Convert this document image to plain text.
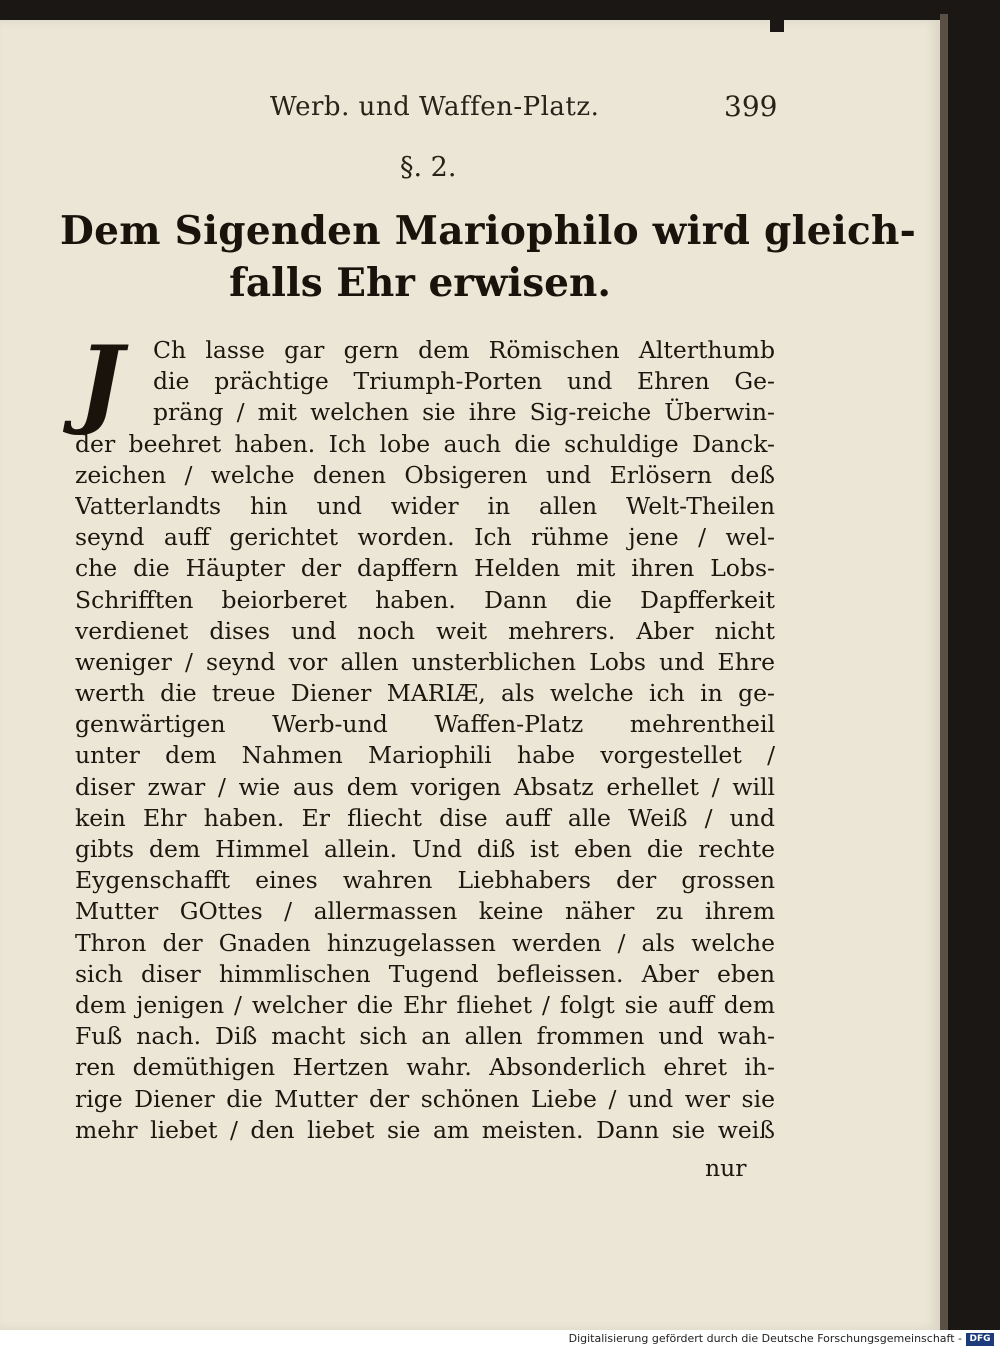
Werb. und Waffen-Platz.	399
§. 2.
Dem Sigenden Mariophilo wird gleich-
falls Ehr erwisen.
J	Ch lasse gar gern dem Römischen Alterthumb
die prächtige Triumph-Porten und Ehren Ge-
präng / mit welchen sie ihre Sig-reiche Überwin-
der beehret haben. Ich lobe auch die schuldige Danck-
zeichen / welche denen Obsigeren und Erlösern deß
Vatterlandts hin und wider in allen Welt-Theilen
seynd auff gerichtet worden. Ich rühme jene / wel-
che die Häupter der dapffern Helden mit ihren Lobs-
Schrifften beiorberet haben. Dann die Dapfferkeit
verdienet dises und noch weit mehrers. Aber nicht
weniger / seynd vor allen unsterblichen Lobs und Ehre
werth die treue Diener MARIÆ, als welche ich in ge-
genwärtigen Werb-und Waffen-Platz mehrentheil
unter dem Nahmen Mariophili habe vorgestellet /
diser zwar / wie aus dem vorigen Absatz erhellet / will
kein Ehr haben. Er fliecht dise auff alle Weiß / und
gibts dem Himmel allein. Und diß ist eben die rechte
Eygenschafft eines wahren Liebhabers der grossen
Mutter GOttes / allermassen keine näher zu ihrem
Thron der Gnaden hinzugelassen werden / als welche
sich diser himmlischen Tugend befleissen. Aber eben
dem jenigen / welcher die Ehr fliehet / folgt sie auff dem
Fuß nach. Diß macht sich an allen frommen und wah-
ren demüthigen Hertzen wahr. Absonderlich ehret ih-
rige Diener die Mutter der schönen Liebe / und wer sie
mehr liebet / den liebet sie am meisten. Dann sie weiß
nur
Digitalisierung gefördert durch die Deutsche Forschungsgemeinschaft - DFG
